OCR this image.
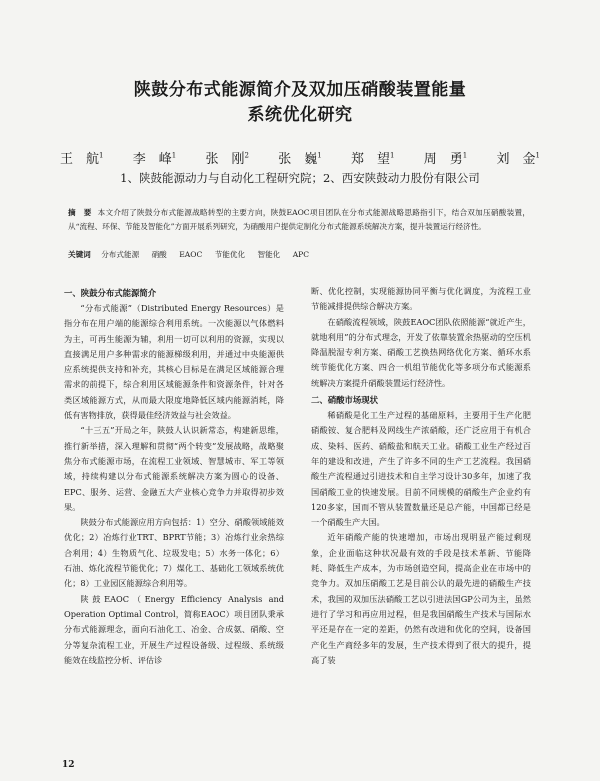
陕鼓分布式能源简介及双加压硝酸装置能量
系统优化研究
王　航$^1$ 李　峰$^1$ 张　刚$^2$ 张　巍$^1$ 郑　望$^1$ 周　勇$^1$ 刘　金$^1$
1、陕鼓能源动力与自动化工程研究院；2、西安陕鼓动力股份有限公司
摘　要 本文介绍了陕鼓分布式能源战略转型的主要方向，陕鼓EAOC项目团队在分布式能源战略思路指引下，结合双加压硝酸装置，从“流程、环保、节能及智能化”方面开展系列研究，为硝酸用户提供定制化分布式能源系统解决方案，提升装置运行经济性。
关键词 分布式能源 硝酸 EAOC 节能优化 智能化 APC
一、陕鼓分布式能源简介

“分布式能源”（Distributed Energy Resources）是指分布在用户端的能源综合利用系统。一次能源以气体燃料为主，可再生能源为辅，利用一切可以利用的资源，实现以直接满足用户多种需求的能源梯级利用，并通过中央能源供应系统提供支持和补充，其核心目标是在满足区域能源合理需求的前提下，综合利用区域能源条件和资源条件，针对各类区域能源方式，从而最大限度地降低区域内能源消耗，降低有害物排放，获得最佳经济效益与社会效益。

“十三五”开局之年，陕鼓人认识新常态，构建新思维，推行新举措，深入理解和贯彻“两个转变”发展战略，战略聚焦分布式能源市场，在流程工业领域、智慧城市、军工等领域，持续构建以分布式能源系统解决方案为圆心的设备、EPC、服务、运营、金融五大产业核心竞争力并取得初步效果。

陕鼓分布式能源应用方向包括：1）空分、硝酸领域能效优化；2）冶炼行业TRT、BPRT节能；3）冶炼行业余热综合利用；4）生物质气化、垃圾发电；5）水务一体化；6）石油、炼化流程节能优化；7）煤化工、基础化工领域系统优化；8）工业园区能源综合利用等。

陕鼓EAOC（Energy Efficiency Analysis and Operation Optimal Control，简称EAOC）项目团队秉承分布式能源理念，面向石油化工、冶金、合成氨、硝酸、空分等复杂流程工业，开展生产过程设备级、过程级、系统级能效在线监控分析、评估诊

断、优化控制，实现能源协同平衡与优化调度，为流程工业节能减排提供综合解决方案。

在硝酸流程领域，陕鼓EAOC团队依照能源“就近产生，就地利用”的分布式理念，开发了依靠装置余热驱动的空压机降温脱湿专利方案、硝酸工艺换热网络优化方案、循环水系统节能优化方案、四合一机组节能优化等多项分布式能源系统解决方案提升硝酸装置运行经济性。

二、硝酸市场现状

稀硝酸是化工生产过程的基础原料，主要用于生产化肥硝酸铵、复合肥料及网线生产浓硝酸，还广泛应用于有机合成、染料、医药、硝酸盐和航天工业。硝酸工业生产经过百年的建设和改进，产生了许多不同的生产工艺流程。我国硝酸生产流程通过引进技术和自主学习设计30多年，加速了我国硝酸工业的快速发展。目前不同规模的硝酸生产企业约有120多家，国而不管从装置数量还是总产能，中国都已经是一个硝酸生产大国。

近年硝酸产能的快速增加，市场出现明显产能过剩现象，企业面临这种状况最有效的手段是技术革新、节能降耗、降低生产成本，为市场创造空间，提高企业在市场中的竞争力。双加压硝酸工艺是目前公认的最先进的硝酸生产技术，我国的双加压法硝酸工艺以引进法国GP公司为主，虽然进行了学习和再应用过程，但是我国硝酸生产技术与国际水平还是存在一定的差距，仍然有改进和优化的空间，设备国产化生产商经多年的发展，生产技术得到了很大的提升，提高了装

12
